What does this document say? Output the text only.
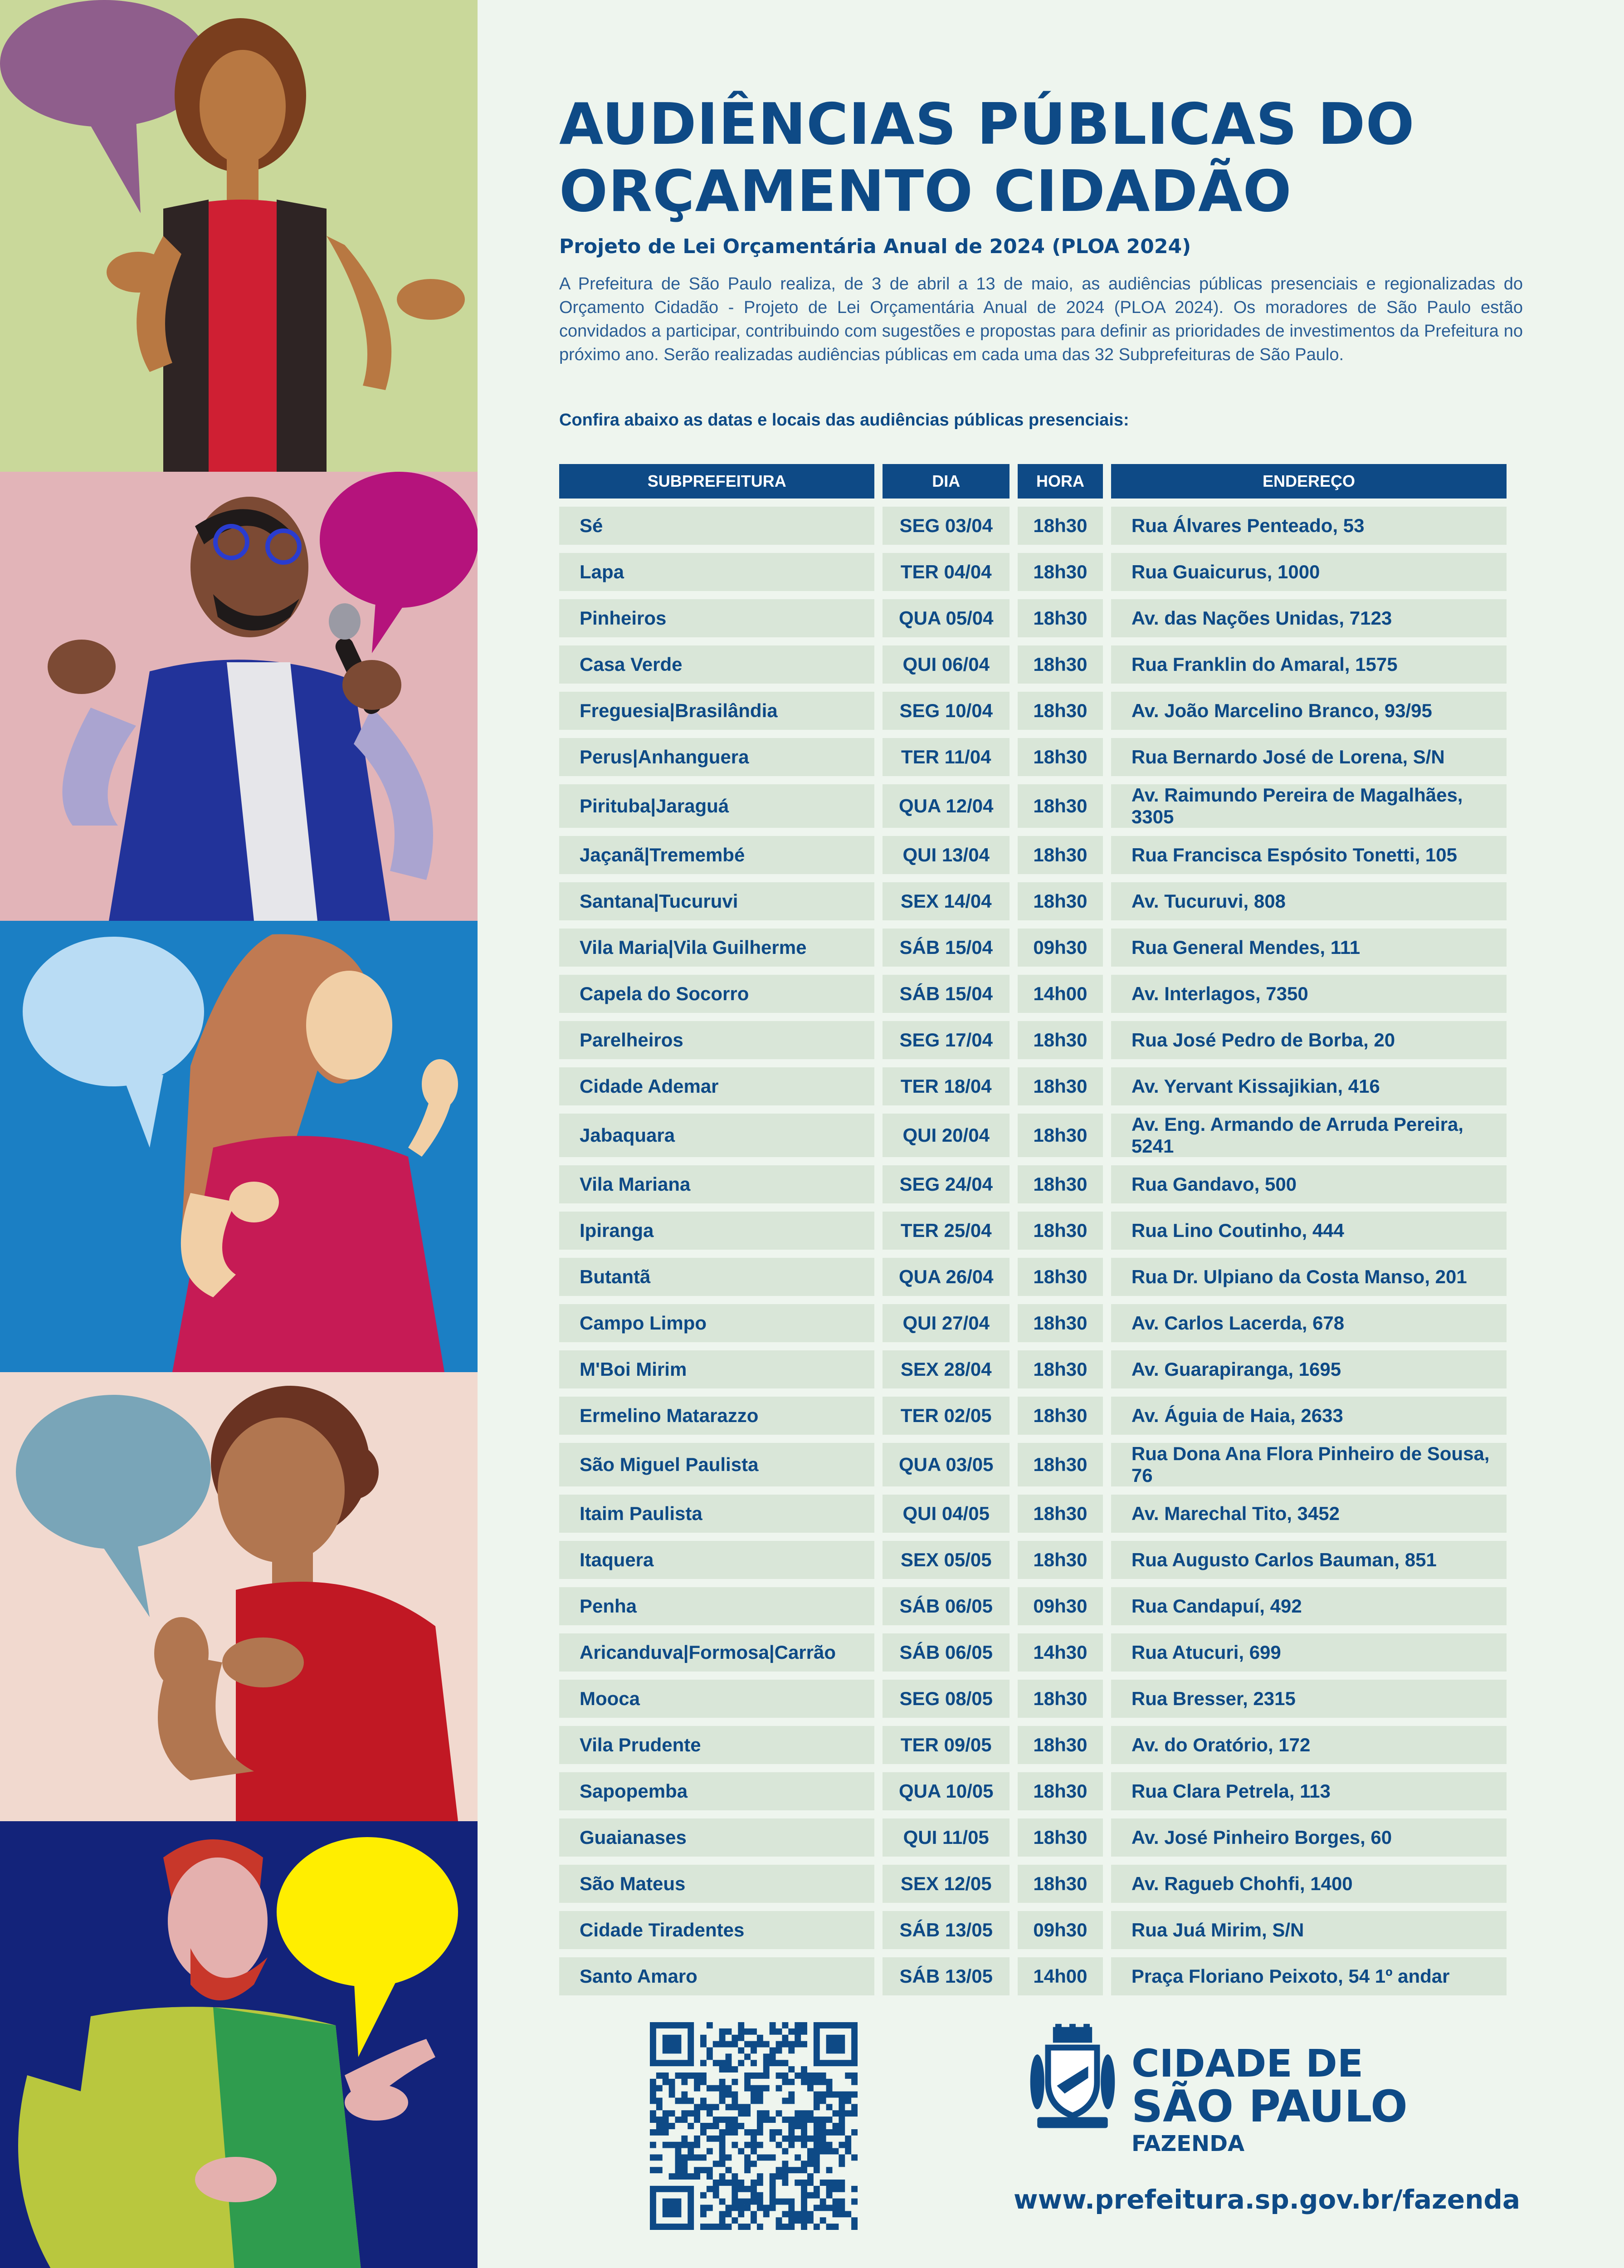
AUDIÊNCIAS PÚBLICAS DO ORÇAMENTO CIDADÃO
Projeto de Lei Orçamentária Anual de 2024 (PLOA 2024)
A Prefeitura de São Paulo realiza, de 3 de abril a 13 de maio, as audiências públicas presenciais e regionalizadas do Orçamento Cidadão - Projeto de Lei Orçamentária Anual de 2024 (PLOA 2024). Os moradores de São Paulo estão convidados a participar, contribuindo com sugestões e propostas para definir as prioridades de investimentos da Prefeitura no próximo ano. Serão realizadas audiências públicas em cada uma das 32 Subprefeituras de São Paulo.
Confira abaixo as datas e locais das audiências públicas presenciais:
SUBPREFEITURA	DIA	HORA	ENDEREÇO
Sé	SEG 03/04	18h30	Rua Álvares Penteado, 53
Lapa	TER 04/04	18h30	Rua Guaicurus, 1000
Pinheiros	QUA 05/04	18h30	Av. das Nações Unidas, 7123
Casa Verde	QUI 06/04	18h30	Rua Franklin do Amaral, 1575
Freguesia|Brasilândia	SEG 10/04	18h30	Av. João Marcelino Branco, 93/95
Perus|Anhanguera	TER 11/04	18h30	Rua Bernardo José de Lorena, S/N
Pirituba|Jaraguá	QUA 12/04	18h30	Av. Raimundo Pereira de Magalhães, 3305
Jaçanã|Tremembé	QUI 13/04	18h30	Rua Francisca Espósito Tonetti, 105
Santana|Tucuruvi	SEX 14/04	18h30	Av. Tucuruvi, 808
Vila Maria|Vila Guilherme	SÁB 15/04	09h30	Rua General Mendes, 111
Capela do Socorro	SÁB 15/04	14h00	Av. Interlagos, 7350
Parelheiros	SEG 17/04	18h30	Rua José Pedro de Borba, 20
Cidade Ademar	TER 18/04	18h30	Av. Yervant Kissajikian, 416
Jabaquara	QUI 20/04	18h30	Av. Eng. Armando de Arruda Pereira, 5241
Vila Mariana	SEG 24/04	18h30	Rua Gandavo, 500
Ipiranga	TER 25/04	18h30	Rua Lino Coutinho, 444
Butantã	QUA 26/04	18h30	Rua Dr. Ulpiano da Costa Manso, 201
Campo Limpo	QUI 27/04	18h30	Av. Carlos Lacerda, 678
M'Boi Mirim	SEX 28/04	18h30	Av. Guarapiranga, 1695
Ermelino Matarazzo	TER 02/05	18h30	Av. Águia de Haia, 2633
São Miguel Paulista	QUA 03/05	18h30	Rua Dona Ana Flora Pinheiro de Sousa, 76
Itaim Paulista	QUI 04/05	18h30	Av. Marechal Tito, 3452
Itaquera	SEX 05/05	18h30	Rua Augusto Carlos Bauman, 851
Penha	SÁB 06/05	09h30	Rua Candapuí, 492
Aricanduva|Formosa|Carrão	SÁB 06/05	14h30	Rua Atucuri, 699
Mooca	SEG 08/05	18h30	Rua Bresser, 2315
Vila Prudente	TER 09/05	18h30	Av. do Oratório, 172
Sapopemba	QUA 10/05	18h30	Rua Clara Petrela, 113
Guaianases	QUI 11/05	18h30	Av. José Pinheiro Borges, 60
São Mateus	SEX 12/05	18h30	Av. Ragueb Chohfi, 1400
Cidade Tiradentes	SÁB 13/05	09h30	Rua Juá Mirim, S/N
Santo Amaro	SÁB 13/05	14h00	Praça Floriano Peixoto, 54 1º andar
CIDADE DE
SÃO PAULO
FAZENDA
www.prefeitura.sp.gov.br/fazenda
